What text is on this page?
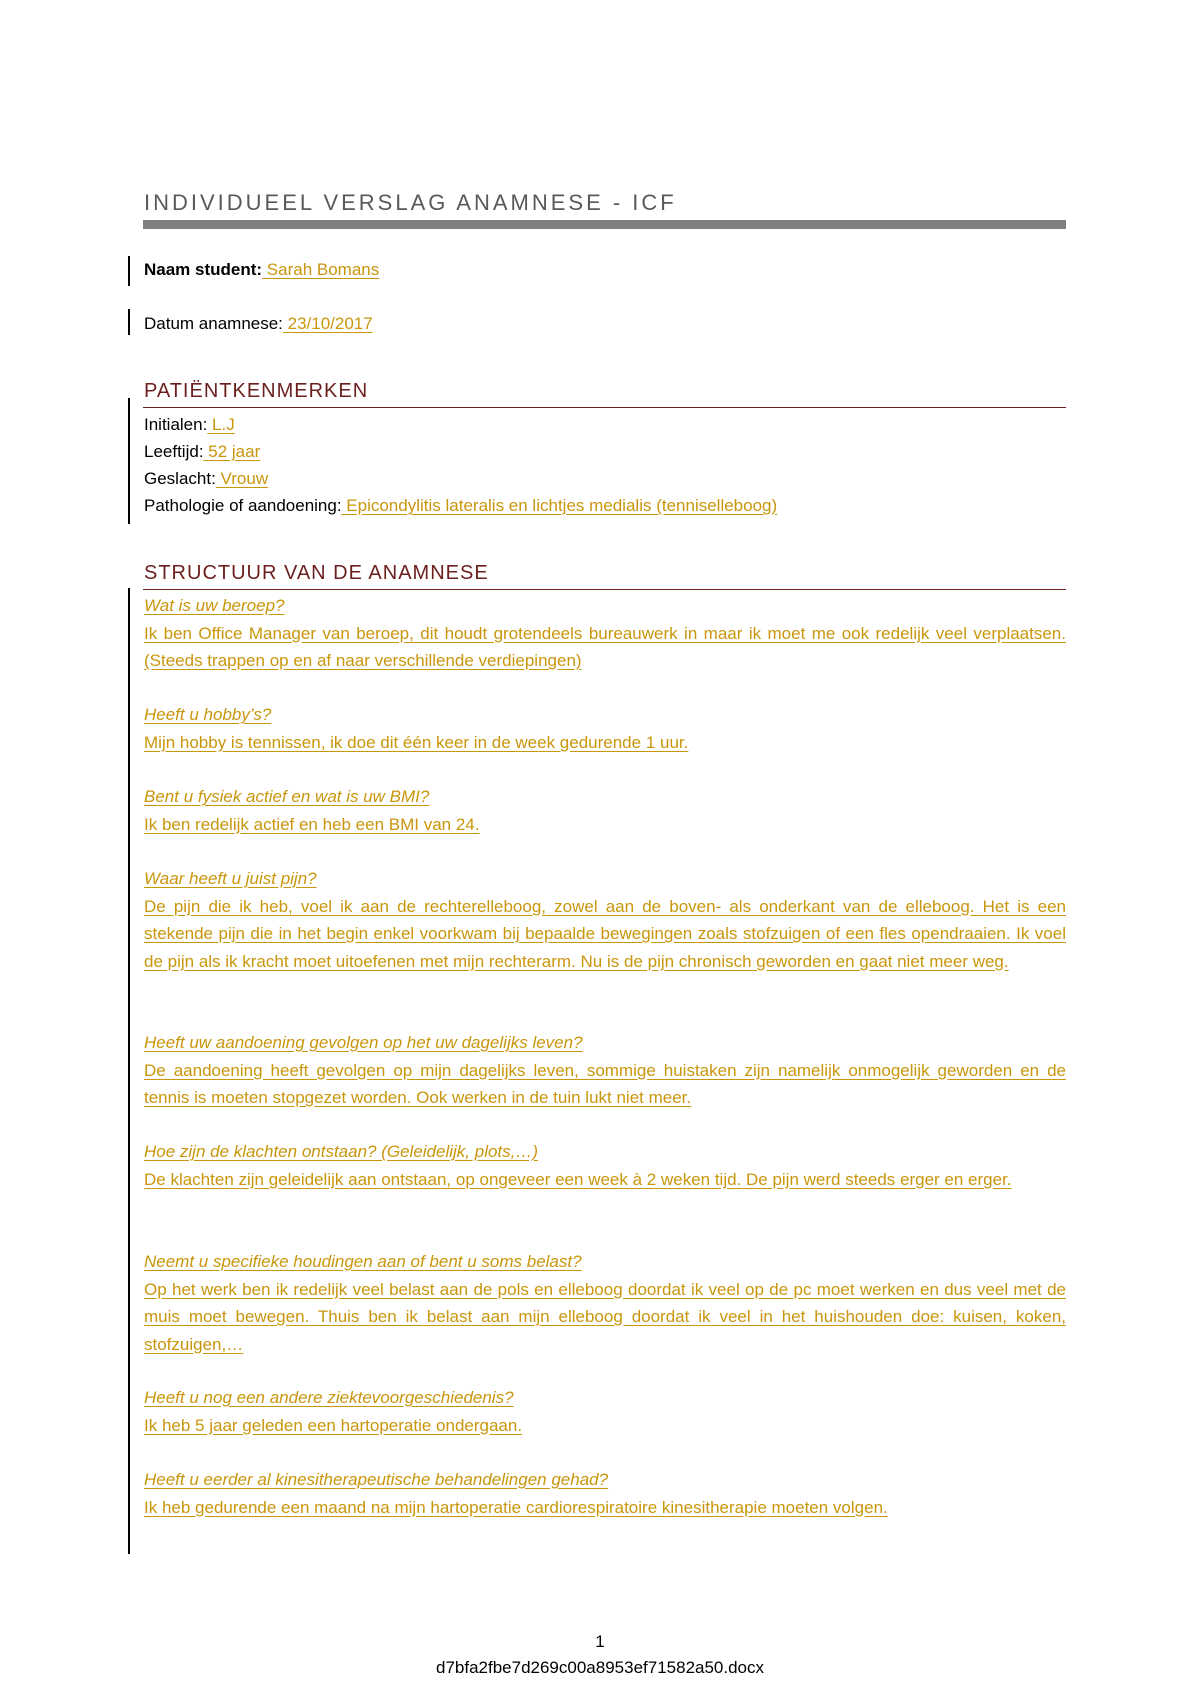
INDIVIDUEEL VERSLAG ANAMNESE - ICF
Naam student: Sarah Bomans
Datum anamnese: 23/10/2017
PATIËNTKENMERKEN
Initialen: L.J
Leeftijd: 52 jaar
Geslacht: Vrouw
Pathologie of aandoening: Epicondylitis lateralis en lichtjes medialis (tenniselleboog)
STRUCTUUR VAN DE ANAMNESE
Wat is uw beroep?
Ik ben Office Manager van beroep, dit houdt grotendeels bureauwerk in maar ik moet me ook redelijk veel verplaatsen. (Steeds trappen op en af naar verschillende verdiepingen)
Heeft u hobby’s?
Mijn hobby is tennissen, ik doe dit één keer in de week gedurende 1 uur.
Bent u fysiek actief en wat is uw BMI?
Ik ben redelijk actief en heb een BMI van 24.
Waar heeft u juist pijn?
De pijn die ik heb, voel ik aan de rechterelleboog, zowel aan de boven- als onderkant van de elleboog. Het is een stekende pijn die in het begin enkel voorkwam bij bepaalde bewegingen zoals stofzuigen of een fles opendraaien. Ik voel de pijn als ik kracht moet uitoefenen met mijn rechterarm. Nu is de pijn chronisch geworden en gaat niet meer weg.
Heeft uw aandoening gevolgen op het uw dagelijks leven?
De aandoening heeft gevolgen op mijn dagelijks leven, sommige huistaken zijn namelijk onmogelijk geworden en de tennis is moeten stopgezet worden. Ook werken in de tuin lukt niet meer.
Hoe zijn de klachten ontstaan? (Geleidelijk, plots,…)
De klachten zijn geleidelijk aan ontstaan, op ongeveer een week à 2 weken tijd. De pijn werd steeds erger en erger.
Neemt u specifieke houdingen aan of bent u soms belast?
Op het werk ben ik redelijk veel belast aan de pols en elleboog doordat ik veel op de pc moet werken en dus veel met de muis moet bewegen. Thuis ben ik belast aan mijn elleboog doordat ik veel in het huishouden doe: kuisen, koken, stofzuigen,…
Heeft u nog een andere ziektevoorgeschiedenis?
Ik heb 5 jaar geleden een hartoperatie ondergaan.
Heeft u eerder al kinesitherapeutische behandelingen gehad?
Ik heb gedurende een maand na mijn hartoperatie cardiorespiratoire kinesitherapie moeten volgen.
1
d7bfa2fbe7d269c00a8953ef71582a50.docx
